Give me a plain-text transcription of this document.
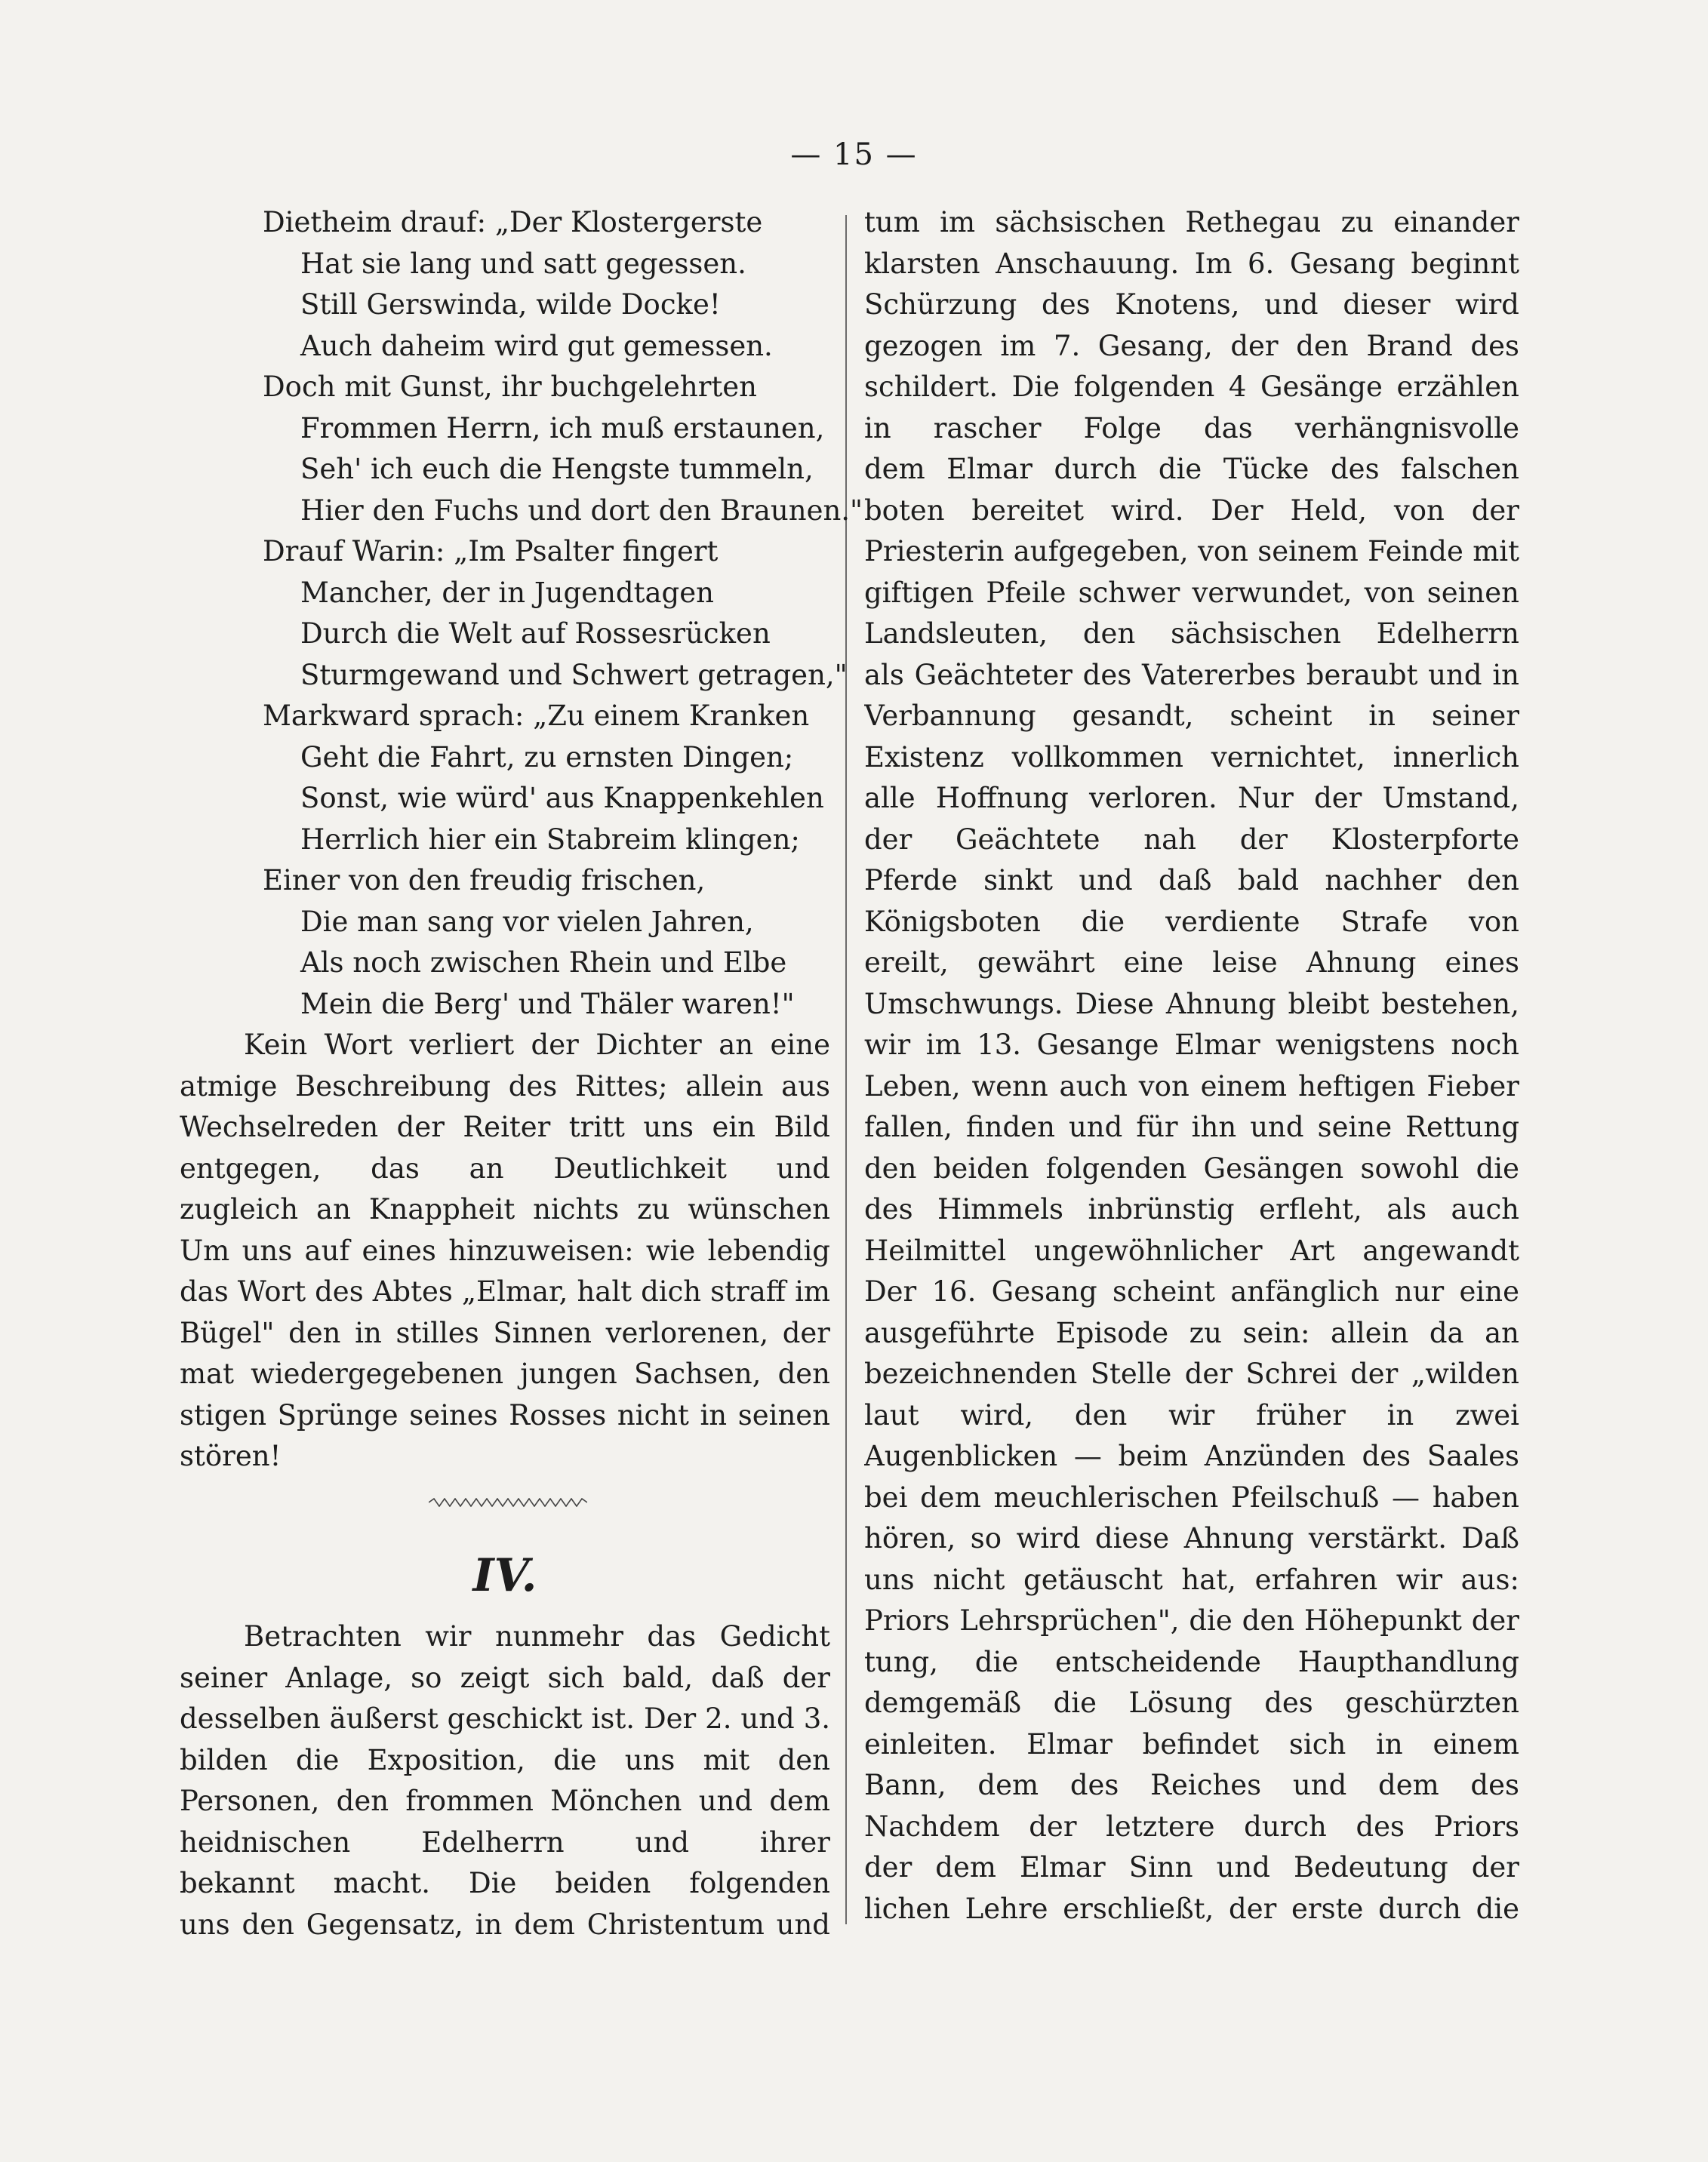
— 15 —
Dietheim drauf: „Der Klostergerste
Hat sie lang und satt gegessen.
Still Gerswinda, wilde Docke!
Auch daheim wird gut gemessen.
Doch mit Gunst, ihr buchgelehrten
Frommen Herrn, ich muß erstaunen,
Seh' ich euch die Hengste tummeln,
Hier den Fuchs und dort den Braunen."
Drauf Warin: „Im Psalter fingert
Mancher, der in Jugendtagen
Durch die Welt auf Rossesrücken
Sturmgewand und Schwert getragen,"
Markward sprach: „Zu einem Kranken
Geht die Fahrt, zu ernsten Dingen;
Sonst, wie würd' aus Knappenkehlen
Herrlich hier ein Stabreim klingen;
Einer von den freudig frischen,
Die man sang vor vielen Jahren,
Als noch zwischen Rhein und Elbe
Mein die Berg' und Thäler waren!"
Kein Wort verliert der Dichter an eine
atmige Beschreibung des Rittes; allein aus
Wechselreden der Reiter tritt uns ein Bild
entgegen, das an Deutlichkeit und
zugleich an Knappheit nichts zu wünschen
Um uns auf eines hinzuweisen: wie lebendig
das Wort des Abtes „Elmar, halt dich straff im
Bügel" den in stilles Sinnen verlorenen, der
mat wiedergegebenen jungen Sachsen, den
stigen Sprünge seines Rosses nicht in seinen
stören!
IV.
Betrachten wir nunmehr das Gedicht
seiner Anlage, so zeigt sich bald, daß der
desselben äußerst geschickt ist. Der 2. und 3.
bilden die Exposition, die uns mit den
Personen, den frommen Mönchen und dem
heidnischen Edelherrn und ihrer
bekannt macht. Die beiden folgenden
uns den Gegensatz, in dem Christentum und
tum im sächsischen Rethegau zu einander
klarsten Anschauung. Im 6. Gesang beginnt
Schürzung des Knotens, und dieser wird
gezogen im 7. Gesang, der den Brand des
schildert. Die folgenden 4 Gesänge erzählen
in rascher Folge das verhängnisvolle
dem Elmar durch die Tücke des falschen
boten bereitet wird. Der Held, von der
Priesterin aufgegeben, von seinem Feinde mit
giftigen Pfeile schwer verwundet, von seinen
Landsleuten, den sächsischen Edelherrn
als Geächteter des Vatererbes beraubt und in
Verbannung gesandt, scheint in seiner
Existenz vollkommen vernichtet, innerlich
alle Hoffnung verloren. Nur der Umstand,
der Geächtete nah der Klosterpforte
Pferde sinkt und daß bald nachher den
Königsboten die verdiente Strafe von
ereilt, gewährt eine leise Ahnung eines
Umschwungs. Diese Ahnung bleibt bestehen,
wir im 13. Gesange Elmar wenigstens noch
Leben, wenn auch von einem heftigen Fieber
fallen, finden und für ihn und seine Rettung
den beiden folgenden Gesängen sowohl die
des Himmels inbrünstig erfleht, als auch
Heilmittel ungewöhnlicher Art angewandt
Der 16. Gesang scheint anfänglich nur eine
ausgeführte Episode zu sein: allein da an
bezeichnenden Stelle der Schrei der „wilden
laut wird, den wir früher in zwei
Augenblicken — beim Anzünden des Saales
bei dem meuchlerischen Pfeilschuß — haben
hören, so wird diese Ahnung verstärkt. Daß
uns nicht getäuscht hat, erfahren wir aus:
Priors Lehrsprüchen", die den Höhepunkt der
tung, die entscheidende Haupthandlung
demgemäß die Lösung des geschürzten
einleiten. Elmar befindet sich in einem
Bann, dem des Reiches und dem des
Nachdem der letztere durch des Priors
der dem Elmar Sinn und Bedeutung der
lichen Lehre erschließt, der erste durch die
